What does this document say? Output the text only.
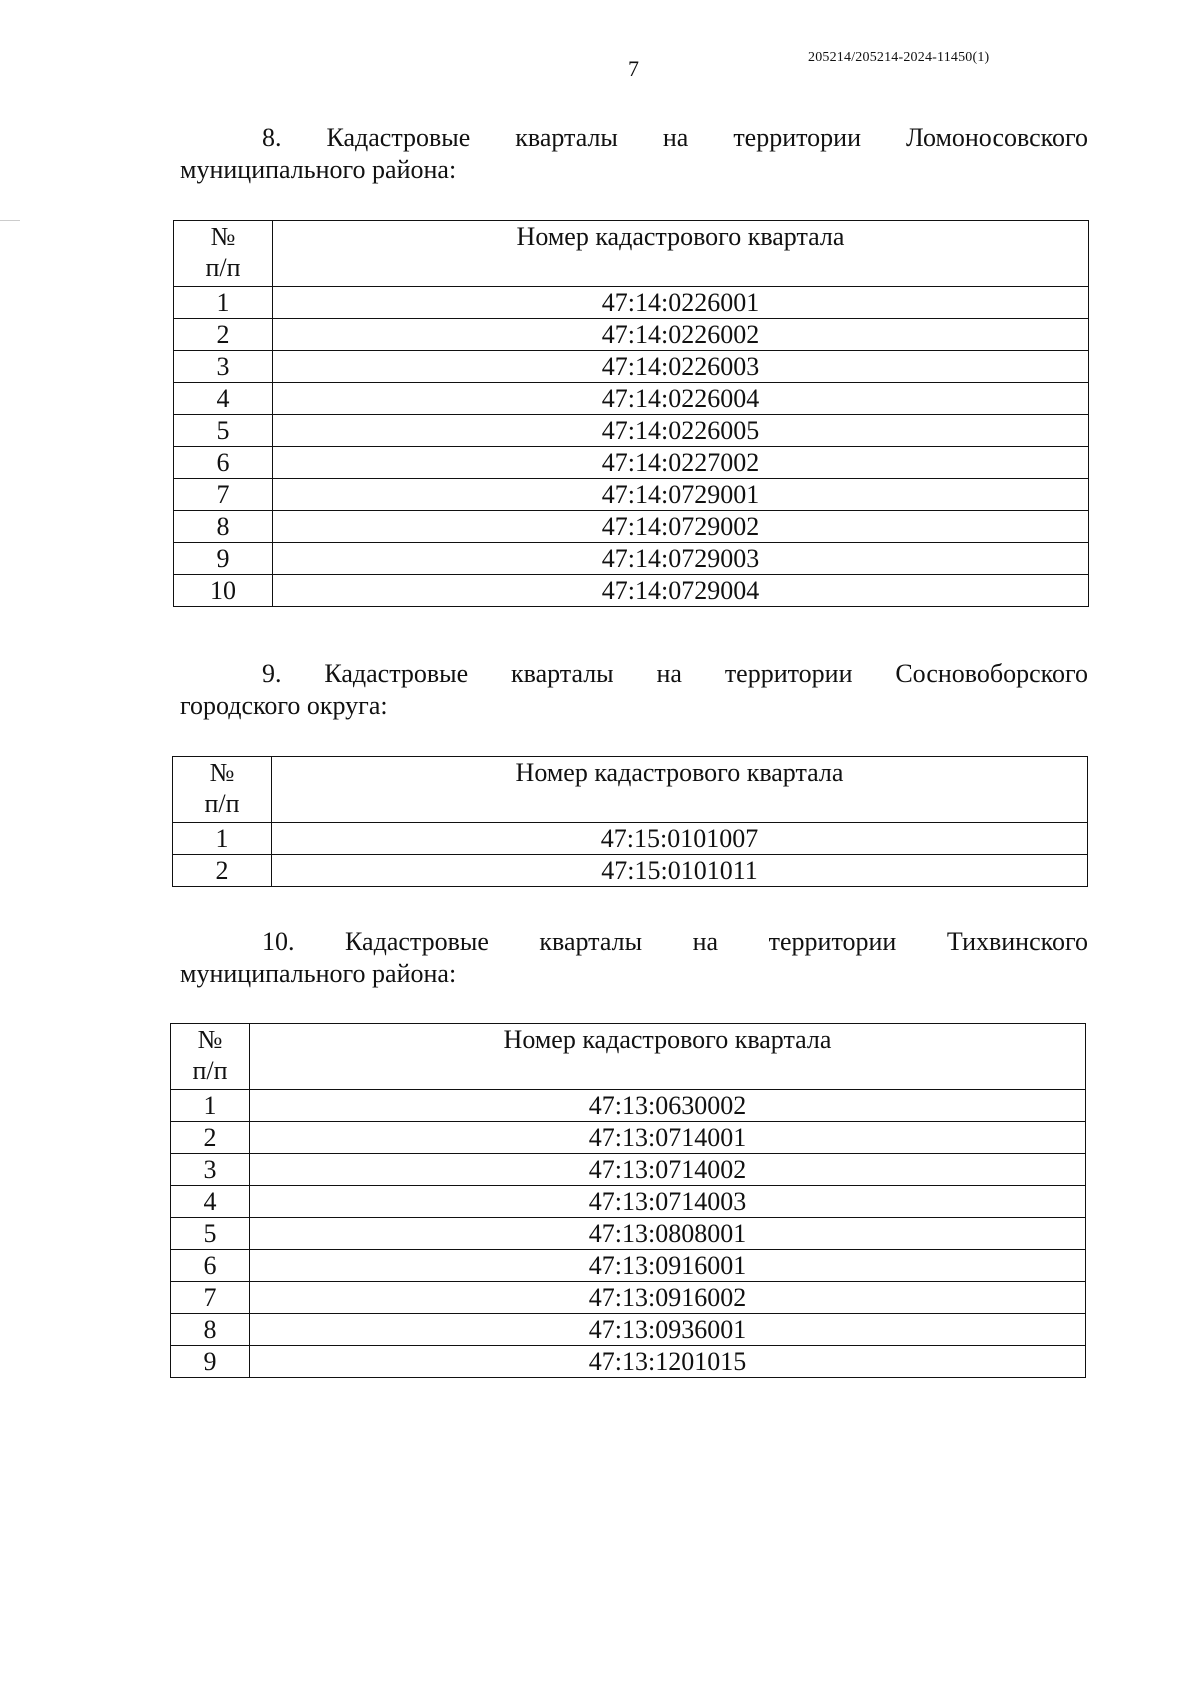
7	205214/205214-2024-11450(1)
8. Кадастровые кварталы на территории Ломоносовского
муниципального района:
№
п/п	Номер кадастрового квартала
1	47:14:0226001
2	47:14:0226002
3	47:14:0226003
4	47:14:0226004
5	47:14:0226005
6	47:14:0227002
7	47:14:0729001
8	47:14:0729002
9	47:14:0729003
10	47:14:0729004
9. Кадастровые кварталы на территории Сосновоборского
городского округа:
№
п/п	Номер кадастрового квартала
1	47:15:0101007
2	47:15:0101011
10. Кадастровые кварталы на территории Тихвинского
муниципального района:
№
п/п	Номер кадастрового квартала
1	47:13:0630002
2	47:13:0714001
3	47:13:0714002
4	47:13:0714003
5	47:13:0808001
6	47:13:0916001
7	47:13:0916002
8	47:13:0936001
9	47:13:1201015
